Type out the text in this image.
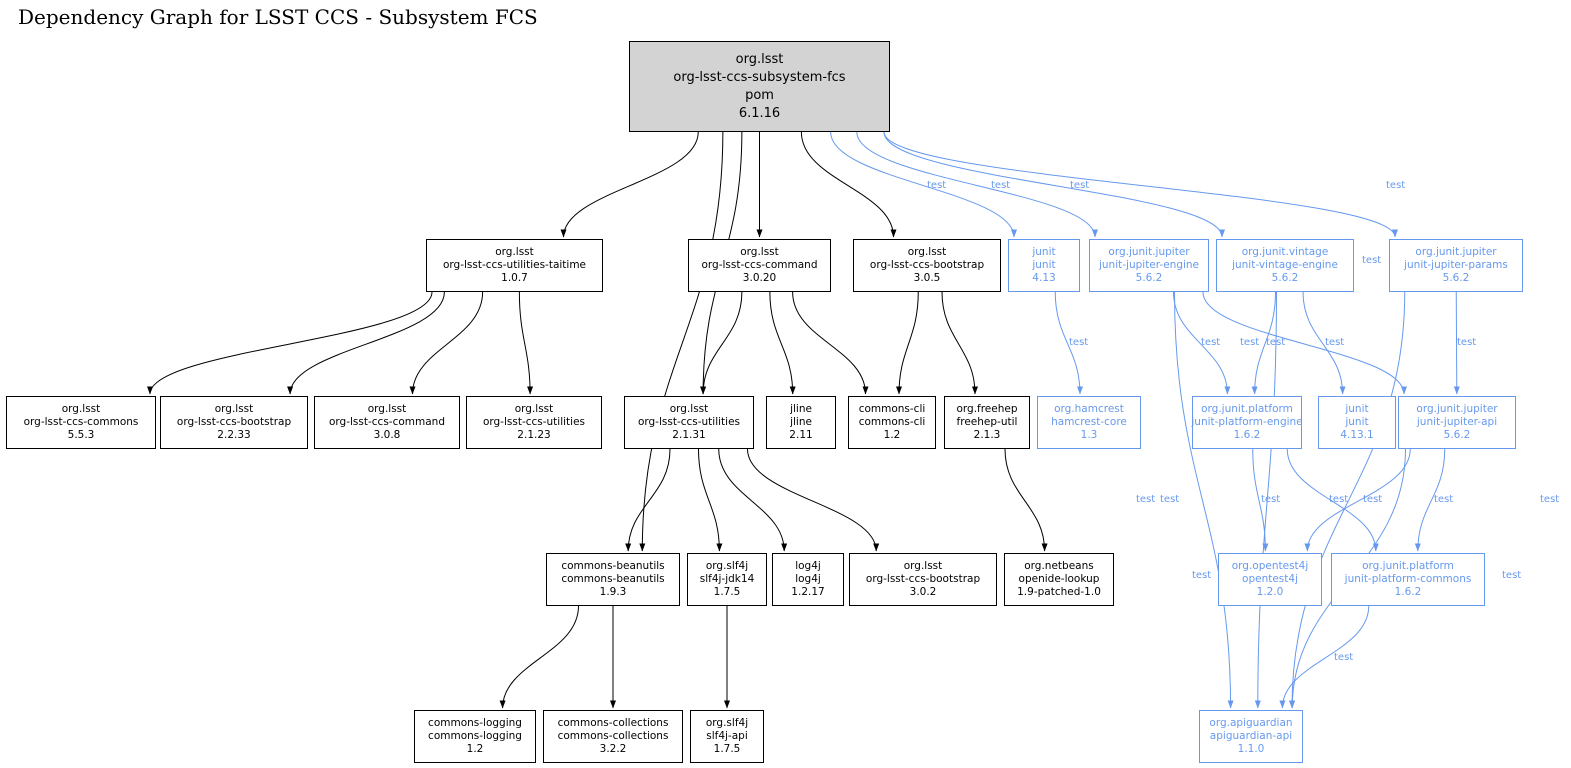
Dependency Graph for LSST CCS - Subsystem FCS
org.lsst
org-lsst-ccs-subsystem-fcs
pom
6.1.16
org.lsst
org-lsst-ccs-utilities-taitime
1.0.7
org.lsst
org-lsst-ccs-command
3.0.20
org.lsst
org-lsst-ccs-bootstrap
3.0.5
junit
junit
4.13
org.junit.jupiter
junit-jupiter-engine
5.6.2
org.junit.vintage
junit-vintage-engine
5.6.2
org.junit.jupiter
junit-jupiter-params
5.6.2
org.lsst
org-lsst-ccs-commons
5.5.3
org.lsst
org-lsst-ccs-bootstrap
2.2.33
org.lsst
org-lsst-ccs-command
3.0.8
org.lsst
org-lsst-ccs-utilities
2.1.23
org.lsst
org-lsst-ccs-utilities
2.1.31
jline
jline
2.11
commons-cli
commons-cli
1.2
org.freehep
freehep-util
2.1.3
org.hamcrest
hamcrest-core
1.3
org.junit.platform
junit-platform-engine
1.6.2
junit
junit
4.13.1
org.junit.jupiter
junit-jupiter-api
5.6.2
commons-beanutils
commons-beanutils
1.9.3
org.slf4j
slf4j-jdk14
1.7.5
log4j
log4j
1.2.17
org.lsst
org-lsst-ccs-bootstrap
3.0.2
org.netbeans
openide-lookup
1.9-patched-1.0
org.opentest4j
opentest4j
1.2.0
org.junit.platform
junit-platform-commons
1.6.2
commons-logging
commons-logging
1.2
commons-collections
commons-collections
3.2.2
org.slf4j
slf4j-api
1.7.5
org.apiguardian
apiguardian-api
1.1.0
test	test	test	test
test
test	test test test	test	test
test test	test	test test	test	test
test	test
test
